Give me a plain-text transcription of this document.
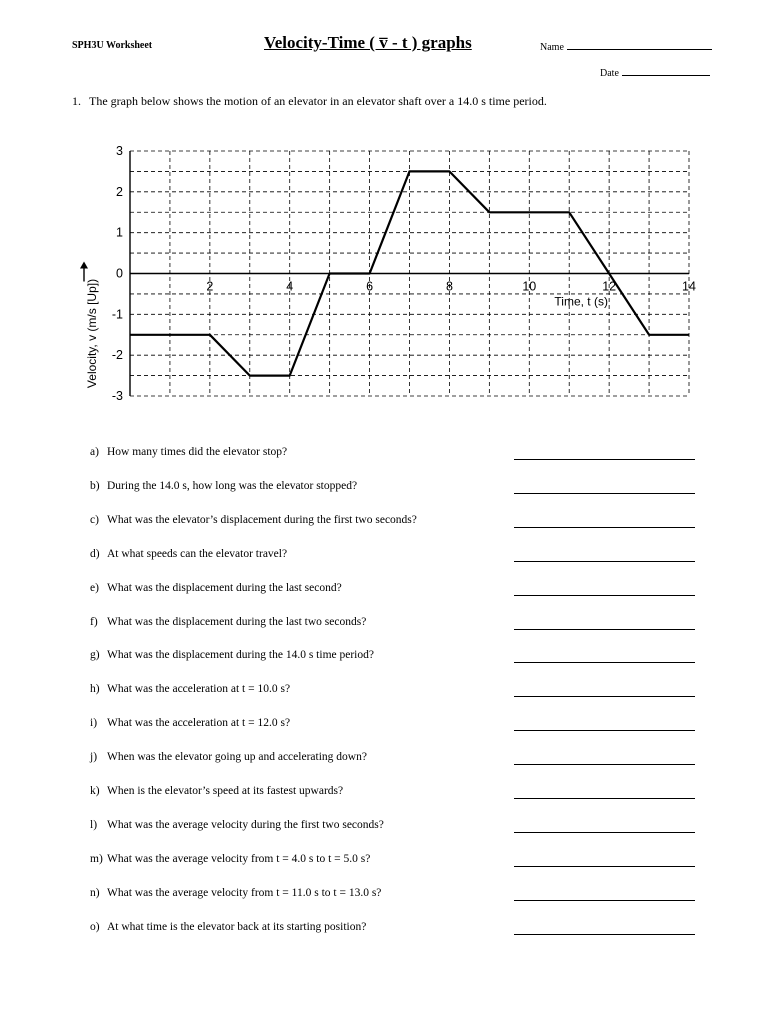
SPH3U Worksheet	Velocity-Time ( v̅ - t ) graphs	Name
Date
1. The graph below shows the motion of an elevator in an elevator shaft over a 14.0 s time period.
3
2
1
0
-1
-2
-3
2	4	6	8	10	12	14
Time, t (s)
Velocity, v (m/s [Up])
a) How many times did the elevator stop?
b) During the 14.0 s, how long was the elevator stopped?
c) What was the elevator’s displacement during the first two seconds?
d) At what speeds can the elevator travel?
e) What was the displacement during the last second?
f) What was the displacement during the last two seconds?
g) What was the displacement during the 14.0 s time period?
h) What was the acceleration at t = 10.0 s?
i) What was the acceleration at t = 12.0 s?
j) When was the elevator going up and accelerating down?
k) When is the elevator’s speed at its fastest upwards?
l) What was the average velocity during the first two seconds?
m) What was the average velocity from t = 4.0 s to t = 5.0 s?
n) What was the average velocity from t = 11.0 s to t = 13.0 s?
o) At what time is the elevator back at its starting position?
